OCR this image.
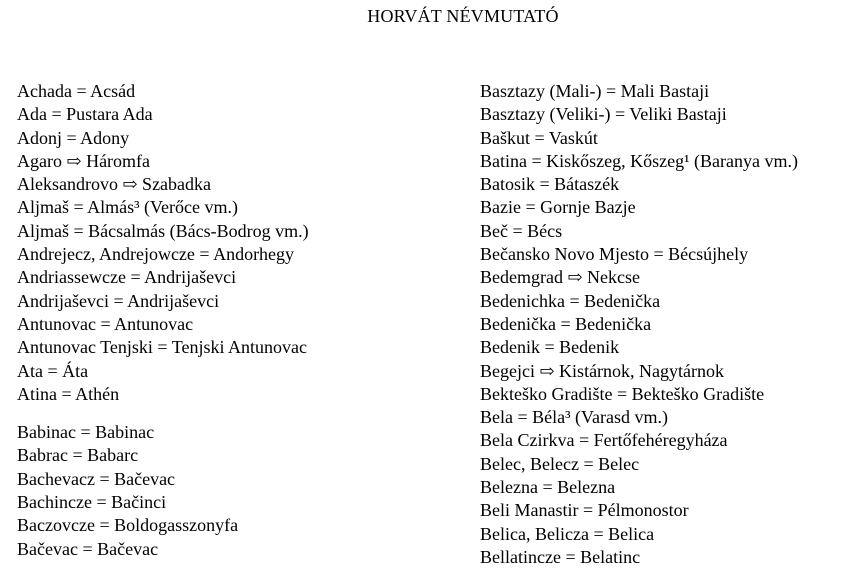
HORVÁT NÉVMUTATÓ
Achada = Acsád
Ada = Pustara Ada
Adonj = Adony
Agaro ⇨ Háromfa
Aleksandrovo ⇨ Szabadka
Aljmaš = Almás³ (Verőce vm.)
Aljmaš = Bácsalmás (Bács-Bodrog vm.)
Andrejecz, Andrejowcze = Andorhegy
Andriassewcze = Andrijaševci
Andrijaševci = Andrijaševci
Antunovac = Antunovac
Antunovac Tenjski = Tenjski Antunovac
Ata = Áta
Atina = Athén
Babinac = Babinac
Babrac = Babarc
Bachevacz = Bačevac
Bachincze = Bačinci
Baczovcze = Boldogasszonyfa
Bačevac = Bačevac
Basztazy (Mali-) = Mali Bastaji
Basztazy (Veliki-) = Veliki Bastaji
Baškut = Vaskút
Batina = Kiskőszeg, Kőszeg¹ (Baranya vm.)
Batosik = Bátaszék
Bazie = Gornje Bazje
Beč = Bécs
Bečansko Novo Mjesto = Bécsújhely
Bedemgrad ⇨ Nekcse
Bedenichka = Bedenička
Bedenička = Bedenička
Bedenik = Bedenik
Begejci ⇨ Kistárnok, Nagytárnok
Bekteško Gradište = Bekteško Gradište
Bela = Béla³ (Varasd vm.)
Bela Czirkva = Fertőfehéregyháza
Belec, Belecz = Belec
Belezna = Belezna
Beli Manastir = Pélmonostor
Belica, Belicza = Belica
Bellatincze = Belatinc
